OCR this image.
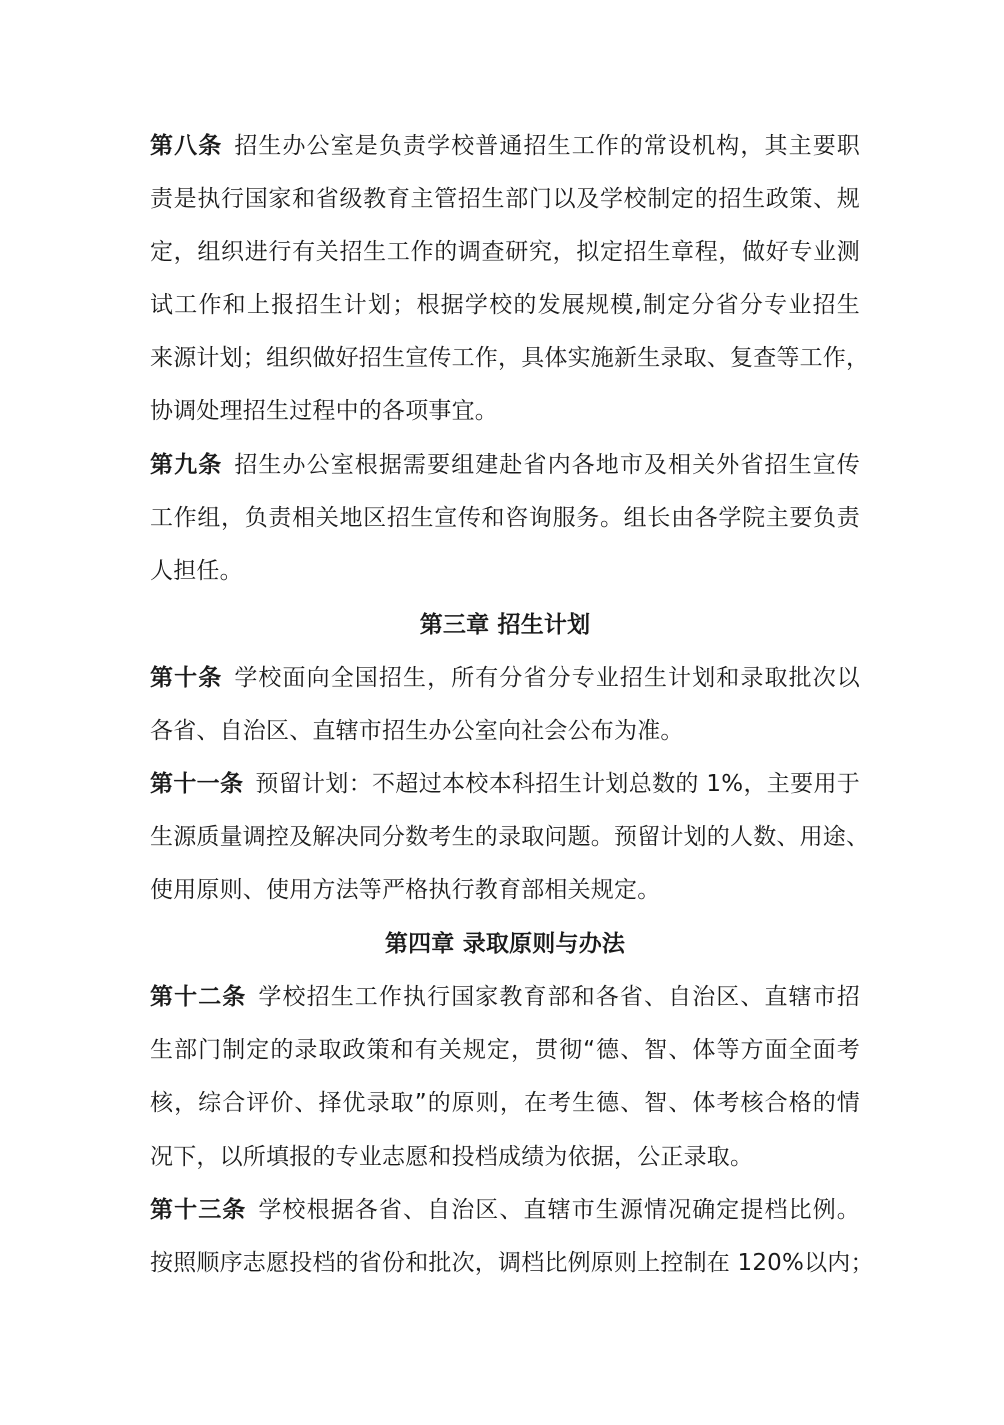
第八条 招生办公室是负责学校普通招生工作的常设机构，其主要职
责是执行国家和省级教育主管招生部门以及学校制定的招生政策、规
定，组织进行有关招生工作的调查研究，拟定招生章程，做好专业测
试工作和上报招生计划；根据学校的发展规模,制定分省分专业招生
来源计划；组织做好招生宣传工作，具体实施新生录取、复查等工作，
协调处理招生过程中的各项事宜。
第九条 招生办公室根据需要组建赴省内各地市及相关外省招生宣传
工作组，负责相关地区招生宣传和咨询服务。组长由各学院主要负责
人担任。
第三章 招生计划
第十条 学校面向全国招生，所有分省分专业招生计划和录取批次以
各省、自治区、直辖市招生办公室向社会公布为准。
第十一条 预留计划：不超过本校本科招生计划总数的 1%，主要用于
生源质量调控及解决同分数考生的录取问题。预留计划的人数、用途、
使用原则、使用方法等严格执行教育部相关规定。
第四章 录取原则与办法
第十二条 学校招生工作执行国家教育部和各省、自治区、直辖市招
生部门制定的录取政策和有关规定，贯彻“德、智、体等方面全面考
核，综合评价、择优录取”的原则，在考生德、智、体考核合格的情
况下，以所填报的专业志愿和投档成绩为依据，公正录取。
第十三条 学校根据各省、自治区、直辖市生源情况确定提档比例。
按照顺序志愿投档的省份和批次，调档比例原则上控制在 120%以内；
